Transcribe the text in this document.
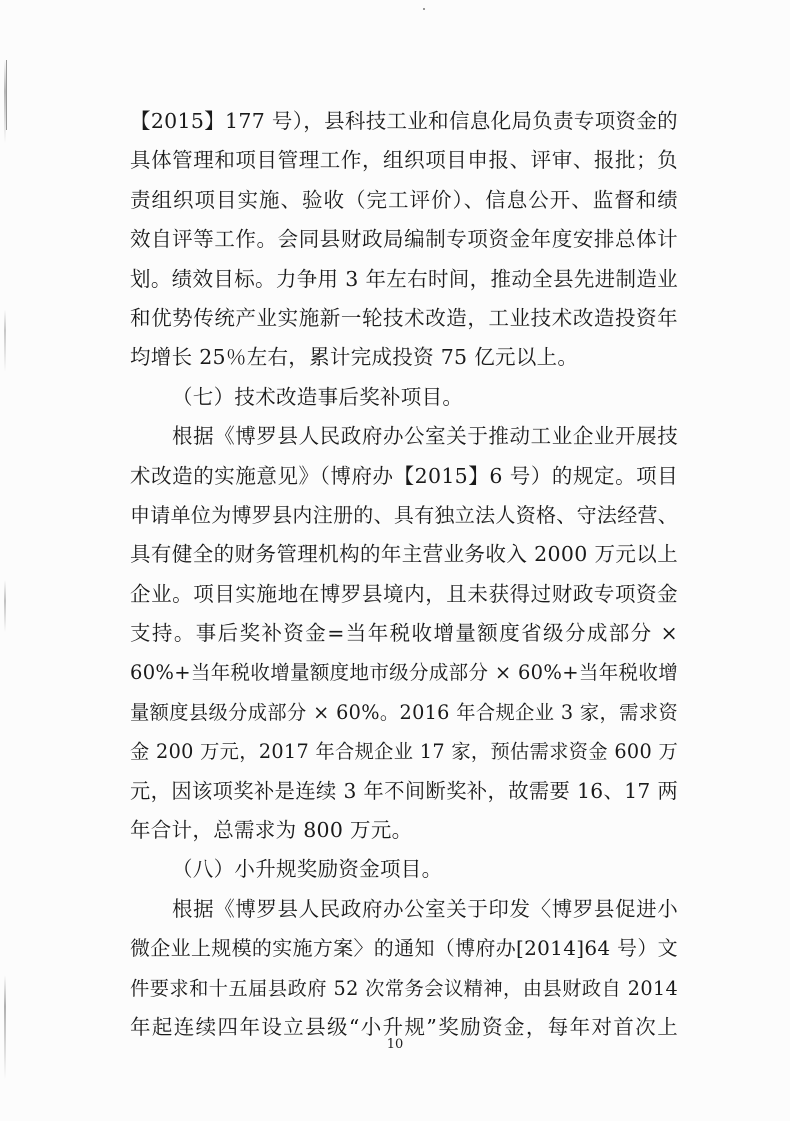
【2015】177 号），县科技工业和信息化局负责专项资金的
具体管理和项目管理工作，组织项目申报、评审、报批；负
责组织项目实施、验收（完工评价）、信息公开、监督和绩
效自评等工作。会同县财政局编制专项资金年度安排总体计
划。绩效目标。力争用 3 年左右时间，推动全县先进制造业
和优势传统产业实施新一轮技术改造，工业技术改造投资年
均增长 25％左右，累计完成投资 75 亿元以上。
（七）技术改造事后奖补项目。
根据《博罗县人民政府办公室关于推动工业企业开展技
术改造的实施意见》（博府办【2015】6 号）的规定。项目
申请单位为博罗县内注册的、具有独立法人资格、守法经营、
具有健全的财务管理机构的年主营业务收入 2000 万元以上
企业。项目实施地在博罗县境内，且未获得过财政专项资金
支持。事后奖补资金=当年税收增量额度省级分成部分 ×
60%+当年税收增量额度地市级分成部分 × 60%+当年税收增
量额度县级分成部分 × 60%。2016 年合规企业 3 家，需求资
金 200 万元，2017 年合规企业 17 家，预估需求资金 600 万
元，因该项奖补是连续 3 年不间断奖补，故需要 16、17 两
年合计，总需求为 800 万元。
（八）小升规奖励资金项目。
根据《博罗县人民政府办公室关于印发〈博罗县促进小
微企业上规模的实施方案〉的通知（博府办[2014]64 号）文
件要求和十五届县政府 52 次常务会议精神，由县财政自 2014
年起连续四年设立县级“小升规”奖励资金，每年对首次上
10
